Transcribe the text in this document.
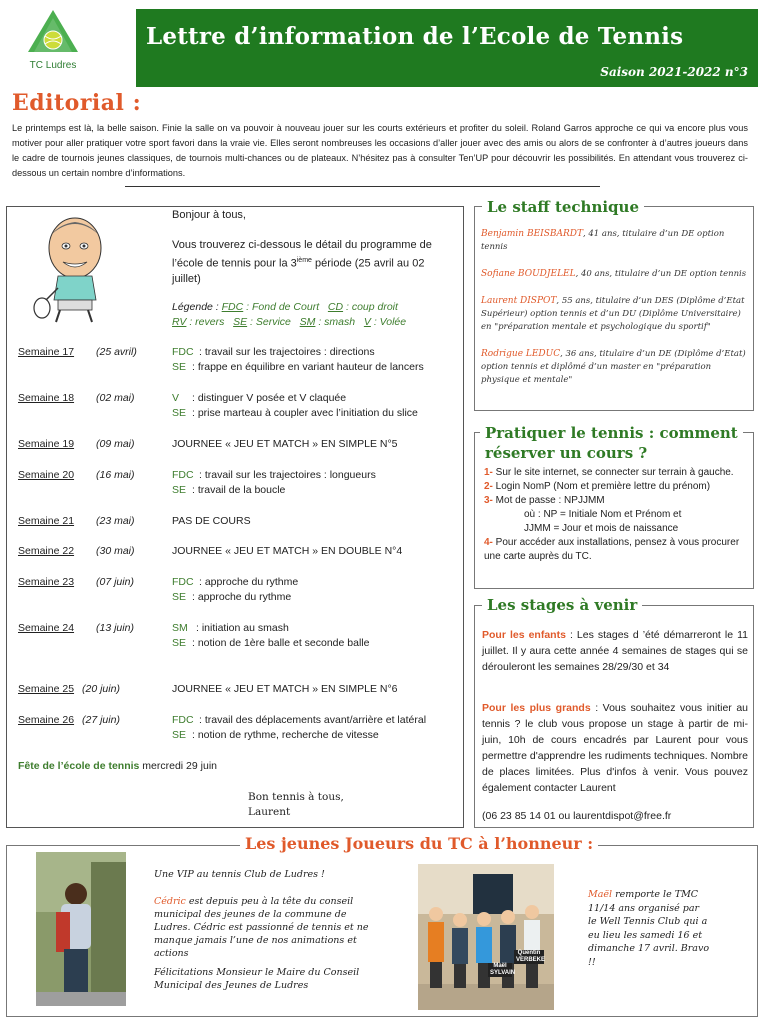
TC Ludres
Lettre d’information de l’Ecole de Tennis
Saison 2021-2022 n°3
Editorial :
Le printemps est là, la belle saison. Finie la salle on va pouvoir à nouveau jouer sur les courts extérieurs et profiter du soleil. Roland Garros approche ce qui va encore plus vous motiver pour aller pratiquer votre sport favori dans la vraie vie. Elles seront nombreuses les occasions d’aller jouer avec des amis ou alors de se confronter à d’autres joueurs dans le cadre de tournois jeunes classiques, de tournois multi-chances ou de plateaux. N’hésitez pas à consulter Ten’UP pour découvrir les possibilités. En attendant vous trouverez ci-dessous un certain nombre d’informations.
Bonjour à tous,
Vous trouverez ci-dessous le détail du programme de
l’école de tennis pour la 3ième période (25 avril au 02
juillet)
Légende : FDC : Fond de Court CD : coup droit
RV : revers SE : Service SM : smash V : Volée
Semaine 17 (25 avril)	FDC : travail sur les trajectoires : directions
SE : frappe en équilibre en variant hauteur de lancers
Semaine 18 (02 mai)	V : distinguer V posée et V claquée
SE : prise marteau à coupler avec l’initiation du slice
Semaine 19 (09 mai)	JOURNEE « JEU ET MATCH » EN SIMPLE N°5
Semaine 20 (16 mai)	FDC : travail sur les trajectoires : longueurs
SE : travail de la boucle
Semaine 21 (23 mai)	PAS DE COURS
Semaine 22 (30 mai)	JOURNEE « JEU ET MATCH » EN DOUBLE N°4
Semaine 23 (07 juin)	FDC : approche du rythme
SE : approche du rythme
Semaine 24 (13 juin)	SM : initiation au smash
SE : notion de 1ère balle et seconde balle
Semaine 25 (20 juin)	JOURNEE « JEU ET MATCH » EN SIMPLE N°6
Semaine 26 (27 juin)	FDC : travail des déplacements avant/arrière et latéral
SE : notion de rythme, recherche de vitesse
Fête de l’école de tennis mercredi 29 juin
Bon tennis à tous,
Laurent
Le staff technique
Benjamin BEISBARDT, 41 ans, titulaire d’un DE option tennis
Sofiane BOUDJELEL, 40 ans, titulaire d’un DE option tennis
Laurent DISPOT, 55 ans, titulaire d’un DES (Diplôme d’Etat Supérieur) option tennis et d’un DU (Diplôme Universitaire) en "préparation mentale et psychologique du sportif"
Rodrigue LEDUC, 36 ans, titulaire d’un DE (Diplôme d’Etat) option tennis et diplômé d’un master en "préparation physique et mentale"
Pratiquer le tennis : comment
réserver un cours ?
1- Sur le site internet, se connecter sur terrain à gauche.
2- Login NomP (Nom et première lettre du prénom)
3- Mot de passe : NPJJMM
où : NP = Initiale Nom et Prénom et
JJMM = Jour et mois de naissance
4- Pour accéder aux installations, pensez à vous procurer une carte auprès du TC.
Les stages à venir
Pour les enfants : Les stages d ’été démarreront le 11 juillet. Il y aura cette année 4 semaines de stages qui se dérouleront les semaines 28/29/30 et 34
Pour les plus grands : Vous souhaitez vous initier au tennis ? le club vous propose un stage à partir de mi-juin, 10h de cours encadrés par Laurent pour vous permettre d'apprendre les rudiments techniques. Nombre de places limitées. Plus d'infos à venir. Vous pouvez également contacter Laurent
(06 23 85 14 01 ou laurentdispot@free.fr
Les jeunes Joueurs du TC à l’honneur :
Une VIP au tennis Club de Ludres !
Cédric est depuis peu à la tête du conseil municipal des jeunes de la commune de Ludres. Cédric est passionné de tennis et ne manque jamais l’une de nos animations et actions
Félicitations Monsieur le Maire du Conseil Municipal des Jeunes de Ludres
Maël SYLVAIN
Quentin VERBEKE
Maël remporte le TMC 11/14 ans organisé par le Well Tennis Club qui a eu lieu les samedi 16 et dimanche 17 avril. Bravo !!
